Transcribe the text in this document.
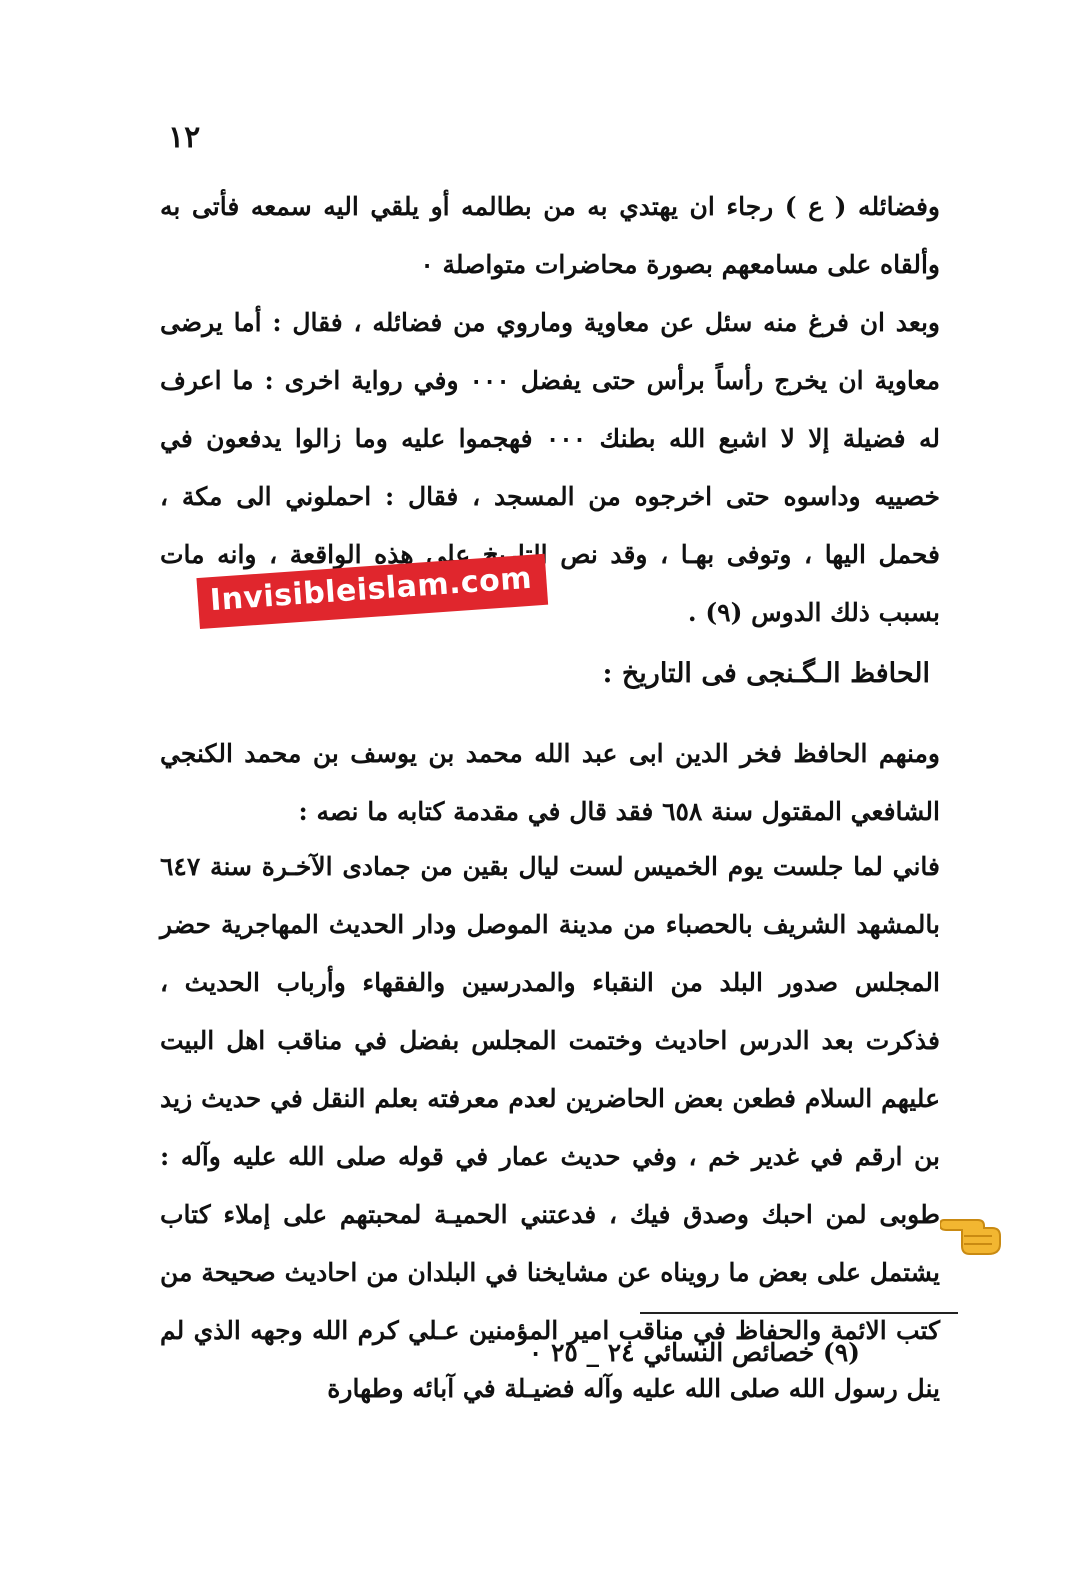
١٢

وفضائله ( ع ) رجاء ان يهتدي به من بطالمه أو يلقي اليه سمعه فأتى به وألقاه على مسامعهم بصورة محاضرات متواصلة ٠

وبعد ان فرغ منه سئل عن معاوية وماروي من فضائله ، فقال : أما يرضى معاوية ان يخرج رأساً برأس حتى يفضل ٠٠٠ وفي رواية اخرى : ما اعرف له فضيلة إلا لا اشبع الله بطنك ٠٠٠ فهجموا عليه وما زالوا يدفعون في خصييه وداسوه حتى اخرجوه من المسجد ، فقال : احملوني الى مكة ، فحمل اليها ، وتوفى بهـا ، وقد نص التاريخ على هذه الواقعة ، وانه مات بسبب ذلك الدوس (٩) .

Invisibleislam.com
الحافظ الـگـنجى فى التاريخ :

ومنهم الحافظ فخر الدين ابى عبد الله محمد بن يوسف بن محمد الكنجي الشافعي المقتول سنة ٦٥٨ فقد قال في مقدمة كتابه ما نصه :

فاني لما جلست يوم الخميس لست ليال بقين من جمادى الآخـرة سنة ٦٤٧ بالمشهد الشريف بالحصباء من مدينة الموصل ودار الحديث المهاجرية حضر المجلس صدور البلد من النقباء والمدرسين والفقهاء وأرباب الحديث ، فذكرت بعد الدرس احاديث وختمت المجلس بفضل في مناقب اهل البيت عليهم السلام فطعن بعض الحاضرين لعدم معرفته بعلم النقل في حديث زيد بن ارقم في غدير خم ، وفي حديث عمار في قوله صلى الله عليه وآله : طوبى لمن احبك وصدق فيك ، فدعتني الحميـة لمحبتهم على إملاء كتاب يشتمل على بعض ما رويناه عن مشايخنا في البلدان من احاديث صحيحة من كتب الائمة والحفاظ في مناقب امير المؤمنين عـلي كرم الله وجهه الذي لم ينل رسول الله صلى الله عليه وآله فضيـلة في آبائه وطهارة

(٩) خصائص النسائي ٢٤ _ ٢٥ ٠
